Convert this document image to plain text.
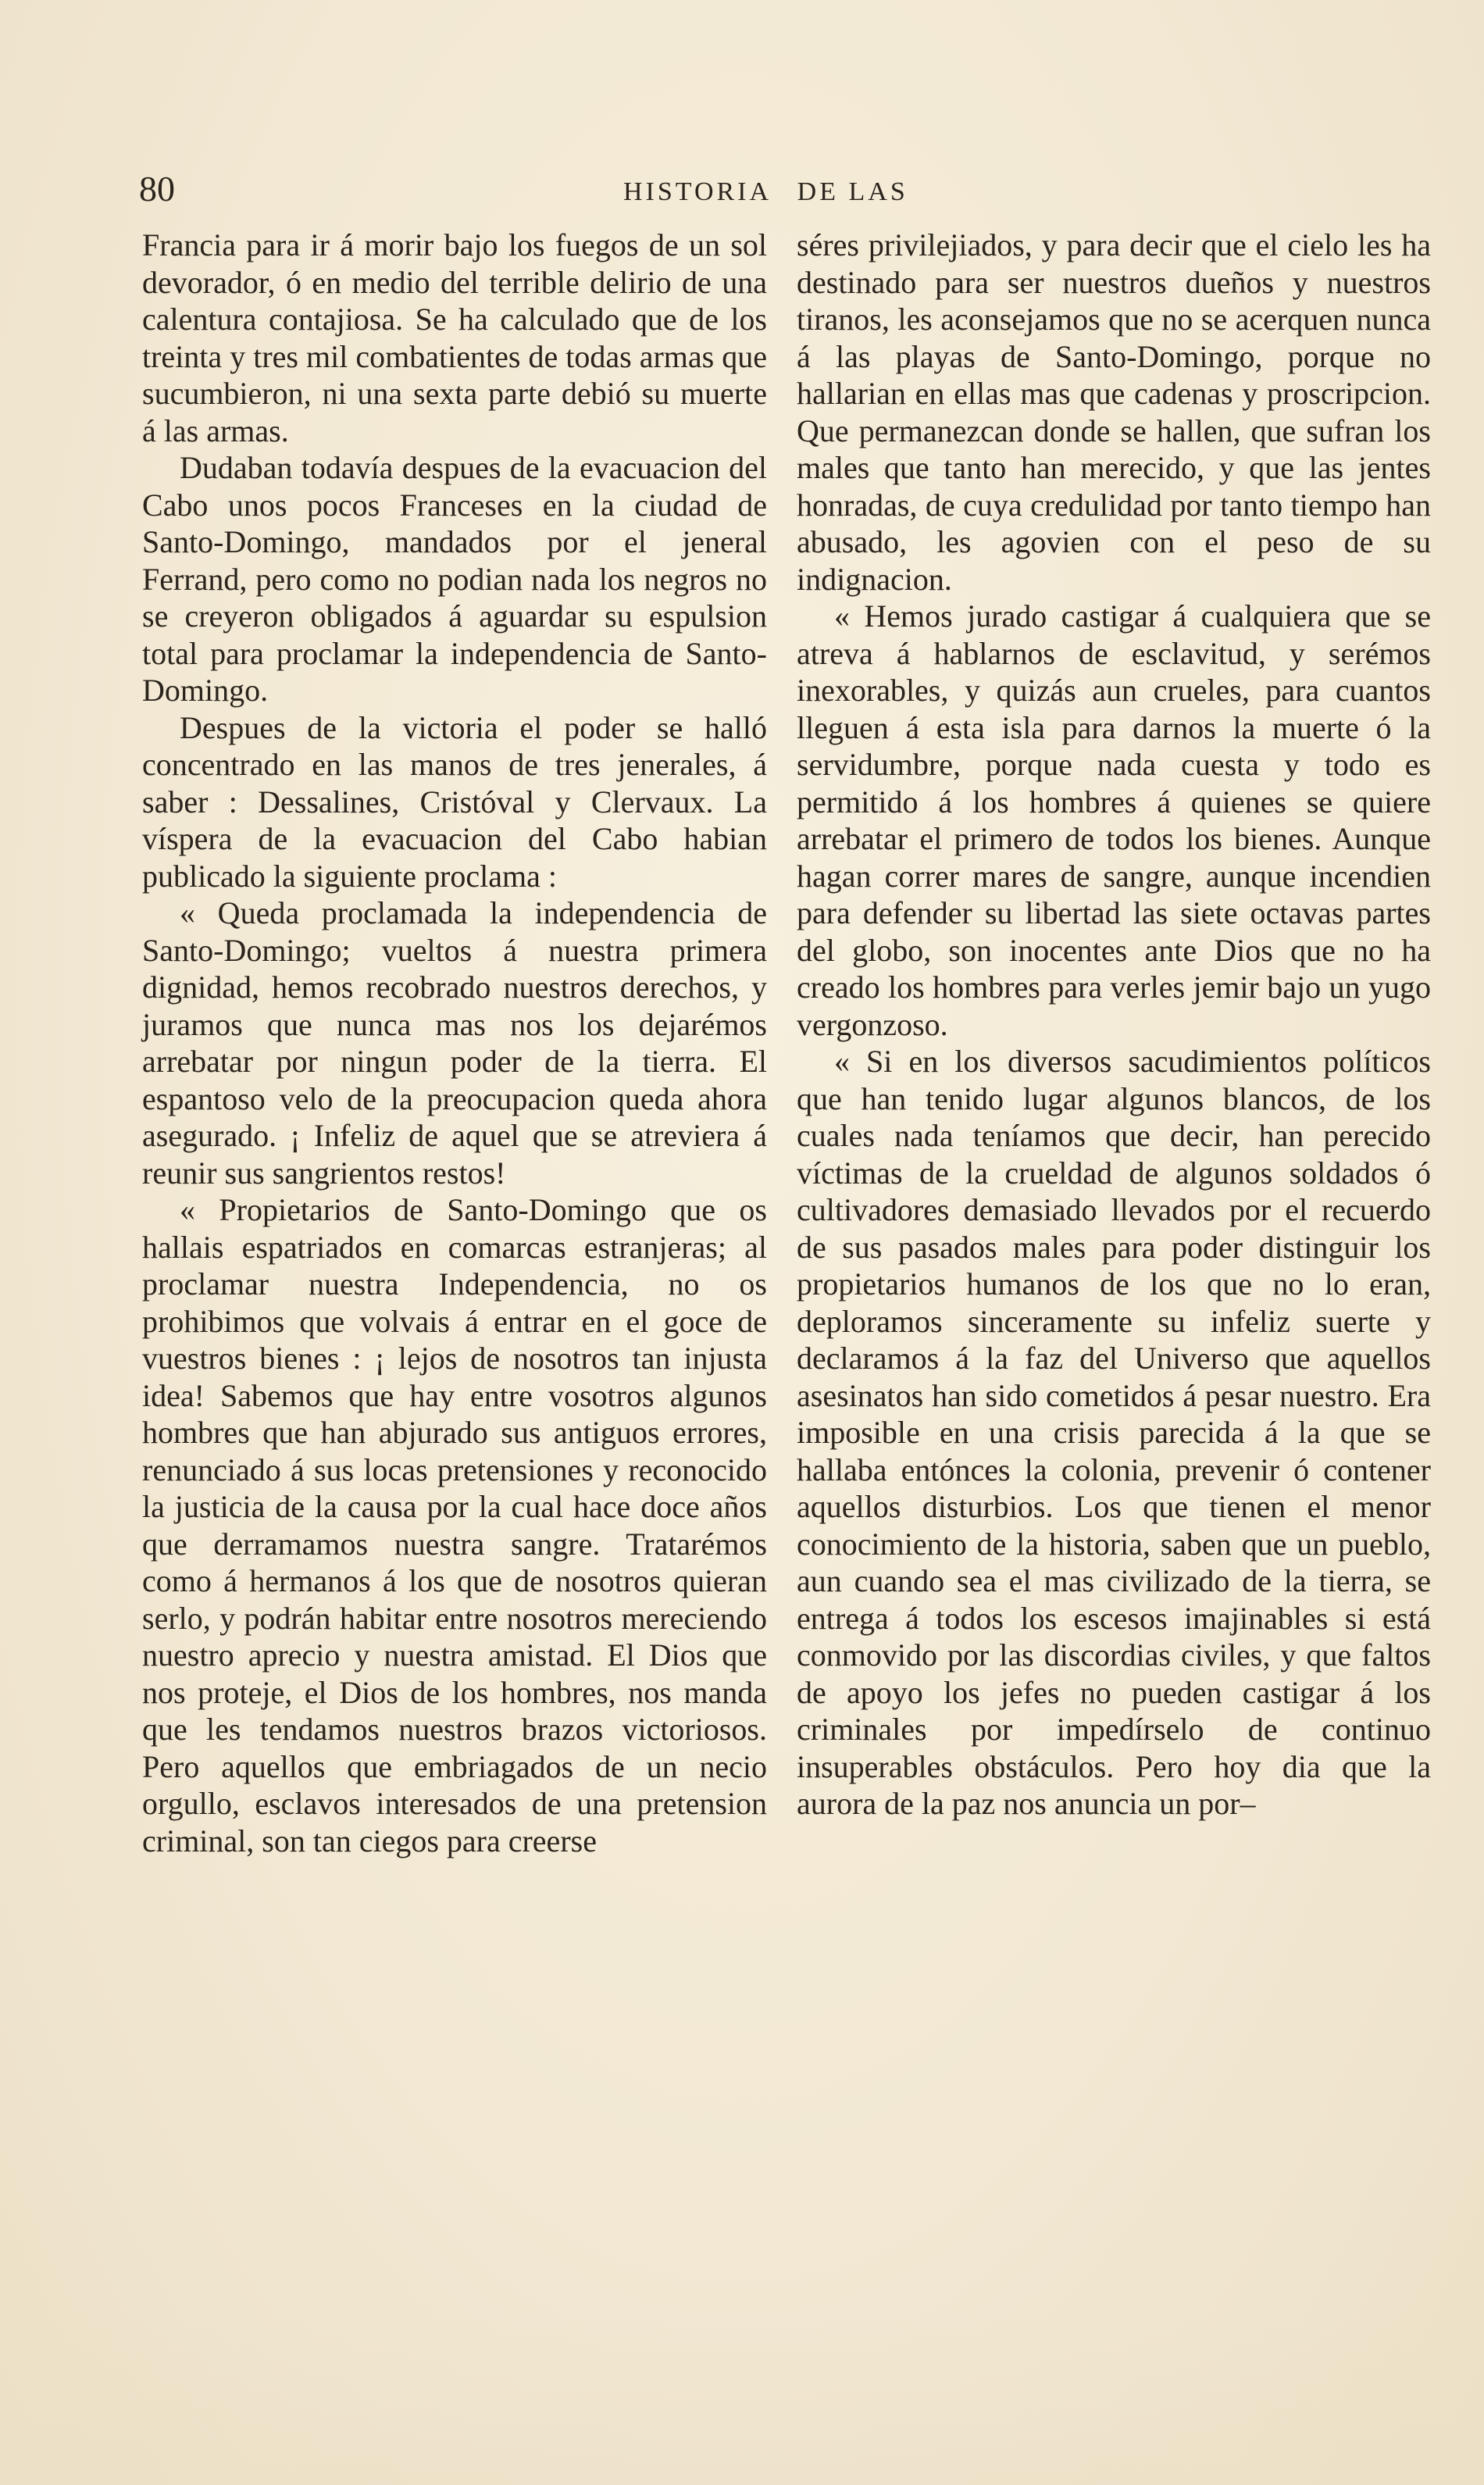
80	HISTORIA DE LAS

Francia para ir á morir bajo los fuegos de un sol devorador, ó en medio del terrible delirio de una calentura contajiosa. Se ha calculado que de los treinta y tres mil combatientes de todas armas que sucumbieron, ni una sexta parte debió su muerte á las armas.

Dudaban todavía despues de la evacuacion del Cabo unos pocos Franceses en la ciudad de Santo-Domingo, mandados por el jeneral Ferrand, pero como no podian nada los negros no se creyeron obligados á aguardar su espulsion total para proclamar la independencia de Santo-Domingo.

Despues de la victoria el poder se halló concentrado en las manos de tres jenerales, á saber : Dessalines, Cristóval y Clervaux. La víspera de la evacuacion del Cabo habian publicado la siguiente proclama :

« Queda proclamada la independencia de Santo-Domingo; vueltos á nuestra primera dignidad, hemos recobrado nuestros derechos, y juramos que nunca mas nos los dejarémos arrebatar por ningun poder de la tierra. El espantoso velo de la preocupacion queda ahora asegurado. ¡ Infeliz de aquel que se atreviera á reunir sus sangrientos restos!

« Propietarios de Santo-Domingo que os hallais espatriados en comarcas estranjeras; al proclamar nuestra Independencia, no os prohibimos que volvais á entrar en el goce de vuestros bienes : ¡ lejos de nosotros tan injusta idea! Sabemos que hay entre vosotros algunos hombres que han abjurado sus antiguos errores, renunciado á sus locas pretensiones y reconocido la justicia de la causa por la cual hace doce años que derramamos nuestra sangre. Tratarémos como á hermanos á los que de nosotros quieran serlo, y podrán habitar entre nosotros mereciendo nuestro aprecio y nuestra amistad. El Dios que nos proteje, el Dios de los hombres, nos manda que les tendamos nuestros brazos victoriosos. Pero aquellos que embriagados de un necio orgullo, esclavos interesados de una pretension criminal, son tan ciegos para creerse

séres privilejiados, y para decir que el cielo les ha destinado para ser nuestros dueños y nuestros tiranos, les aconsejamos que no se acerquen nunca á las playas de Santo-Domingo, porque no hallarian en ellas mas que cadenas y proscripcion. Que permanezcan donde se hallen, que sufran los males que tanto han merecido, y que las jentes honradas, de cuya credulidad por tanto tiempo han abusado, les agovien con el peso de su indignacion.

« Hemos jurado castigar á cualquiera que se atreva á hablarnos de esclavitud, y serémos inexorables, y quizás aun crueles, para cuantos lleguen á esta isla para darnos la muerte ó la servidumbre, porque nada cuesta y todo es permitido á los hombres á quienes se quiere arrebatar el primero de todos los bienes. Aunque hagan correr mares de sangre, aunque incendien para defender su libertad las siete octavas partes del globo, son inocentes ante Dios que no ha creado los hombres para verles jemir bajo un yugo vergonzoso.

« Si en los diversos sacudimientos políticos que han tenido lugar algunos blancos, de los cuales nada teníamos que decir, han perecido víctimas de la crueldad de algunos soldados ó cultivadores demasiado llevados por el recuerdo de sus pasados males para poder distinguir los propietarios humanos de los que no lo eran, deploramos sinceramente su infeliz suerte y declaramos á la faz del Universo que aquellos asesinatos han sido cometidos á pesar nuestro. Era imposible en una crisis parecida á la que se hallaba entónces la colonia, prevenir ó contener aquellos disturbios. Los que tienen el menor conocimiento de la historia, saben que un pueblo, aun cuando sea el mas civilizado de la tierra, se entrega á todos los escesos imajinables si está conmovido por las discordias civiles, y que faltos de apoyo los jefes no pueden castigar á los criminales por impedírselo de continuo insuperables obstáculos. Pero hoy dia que la aurora de la paz nos anuncia un por–
